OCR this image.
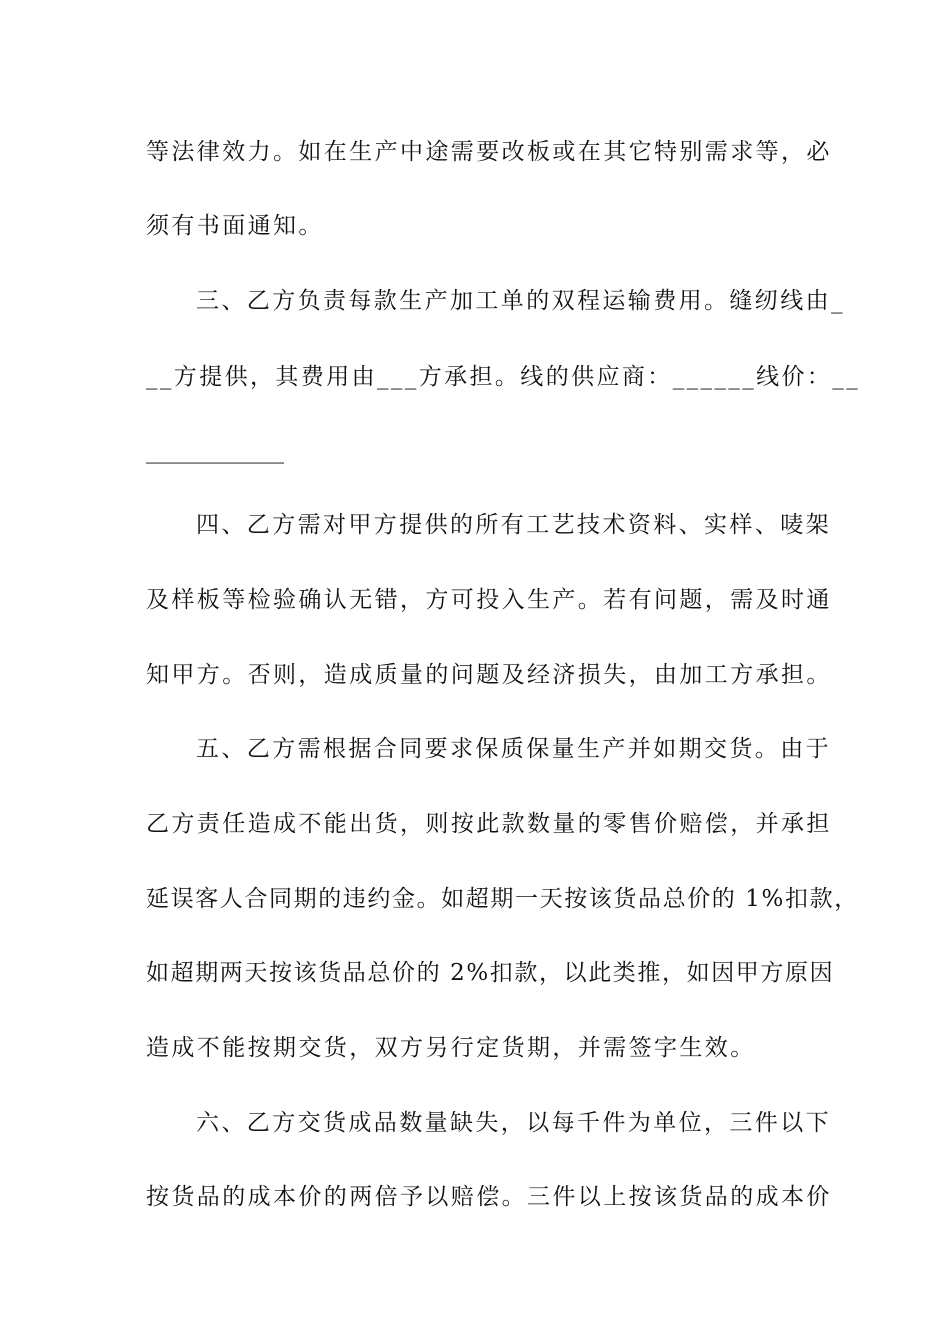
等法律效力。如在生产中途需要改板或在其它特别需求等，必
须有书面通知。
三、乙方负责每款生产加工单的双程运输费用。缝纫线由_
__方提供，其费用由___方承担。线的供应商：______线价：__
____________
四、乙方需对甲方提供的所有工艺技术资料、实样、唛架
及样板等检验确认无错，方可投入生产。若有问题，需及时通
知甲方。否则，造成质量的问题及经济损失，由加工方承担。
五、乙方需根据合同要求保质保量生产并如期交货。由于
乙方责任造成不能出货，则按此款数量的零售价赔偿，并承担
延误客人合同期的违约金。如超期一天按该货品总价的 1%扣款，
如超期两天按该货品总价的 2%扣款，以此类推，如因甲方原因
造成不能按期交货，双方另行定货期，并需签字生效。
六、乙方交货成品数量缺失，以每千件为单位，三件以下
按货品的成本价的两倍予以赔偿。三件以上按该货品的成本价
